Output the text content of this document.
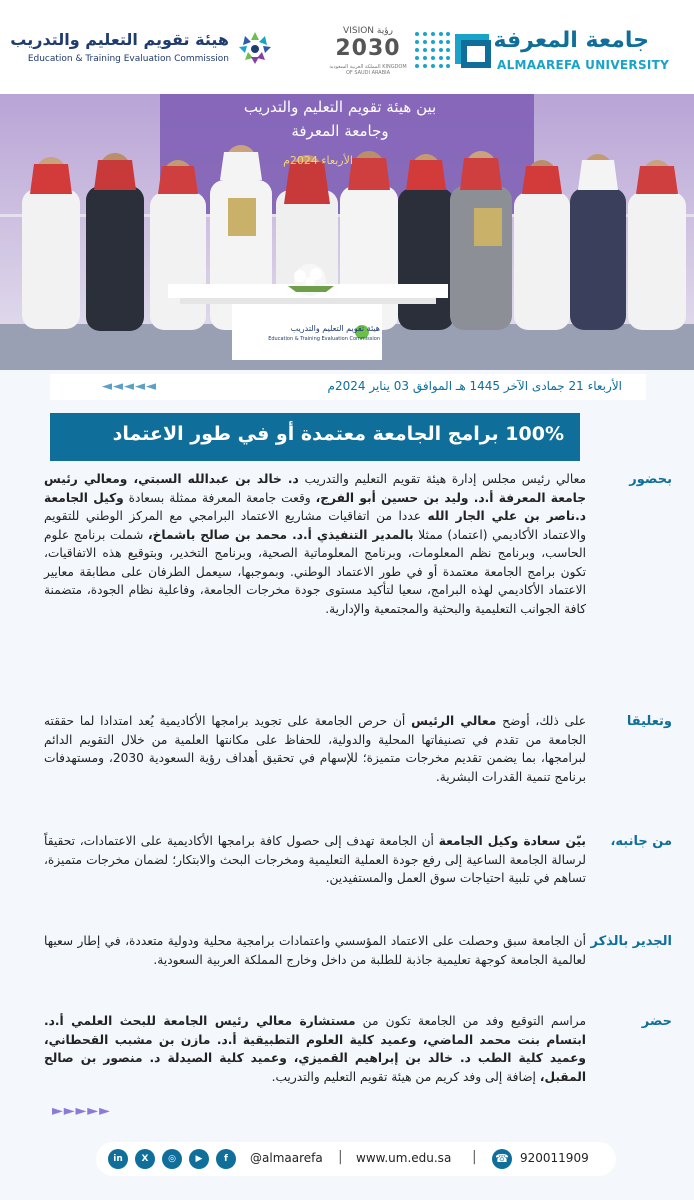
هيئة تقويم التعليم والتدريب
Education & Training Evaluation Commission
VISION رؤية
2030
المملكة العربية السعودية KINGDOM OF SAUDI ARABIA
جامعة المعرفة
ALMAAREFA UNIVERSITY
بين هيئة تقويم التعليم والتدريب
وجامعة المعرفة
الأربعاء 2024م
هيئة تقويم التعليم والتدريب
Education & Training Evaluation Commission
◄◄◄◄◄	الأربعاء 21 جمادى الآخر 1445 هـ الموافق 03 يناير 2024م
100% برامج الجامعة معتمدة أو في طور الاعتماد
بحضور
معالي رئيس مجلس إدارة هيئة تقويم التعليم والتدريب د. خالد بن عبدالله السبتي، ومعالي رئيس جامعة المعرفة أ.د. وليد بن حسين أبو الفرج، وقعت جامعة المعرفة ممثلة بسعادة وكيل الجامعة د.ناصر بن علي الجار الله عددا من اتفاقيات مشاريع الاعتماد البرامجي مع المركز الوطني للتقويم والاعتماد الأكاديمي (اعتماد) ممثلا بالمدير التنفيذي أ.د. محمد بن صالح باشماخ، شملت برنامج علوم الحاسب، وبرنامج نظم المعلومات، وبرنامج المعلوماتية الصحية، وبرنامج التخدير، وبتوقيع هذه الاتفاقيات، تكون برامج الجامعة معتمدة أو في طور الاعتماد الوطني. وبموجبها، سيعمل الطرفان على مطابقة معايير الاعتماد الأكاديمي لهذه البرامج، سعيا لتأكيد مستوى جودة مخرجات الجامعة، وفاعلية نظام الجودة، متضمنة كافة الجوانب التعليمية والبحثية والمجتمعية والإدارية.
وتعليقا
على ذلك، أوضح معالي الرئيس أن حرص الجامعة على تجويد برامجها الأكاديمية يُعد امتدادا لما حققته الجامعة من تقدم في تصنيفاتها المحلية والدولية، للحفاظ على مكانتها العلمية من خلال التقويم الدائم لبرامجها، بما يضمن تقديم مخرجات متميزة؛ للإسهام في تحقيق أهداف رؤية السعودية 2030، ومستهدفات برنامج تنمية القدرات البشرية.
من جانبه،
بيّن سعادة وكيل الجامعة أن الجامعة تهدف إلى حصول كافة برامجها الأكاديمية على الاعتمادات، تحقيقاً لرسالة الجامعة الساعية إلى رفع جودة العملية التعليمية ومخرجات البحث والابتكار؛ لضمان مخرجات متميزة، تساهم في تلبية احتياجات سوق العمل والمستفيدين.
الجدير بالذكر
أن الجامعة سبق وحصلت على الاعتماد المؤسسي واعتمادات برامجية محلية ودولية متعددة، في إطار سعيها لعالمية الجامعة كوجهة تعليمية جاذبة للطلبة من داخل وخارج المملكة العربية السعودية.
حضر
مراسم التوقيع وفد من الجامعة تكون من مستشارة معالي رئيس الجامعة للبحث العلمي أ.د. ابتسام بنت محمد الماضي، وعميد كلية العلوم التطبيقية أ.د. مازن بن مشبب القحطاني، وعميد كلية الطب د. خالد بن إبراهيم القميزي، وعميد كلية الصيدلة د. منصور بن صالح المقبل، إضافة إلى وفد كريم من هيئة تقويم التعليم والتدريب.
►►►►►
in	X	◎	▶	f	@almaarefa | www.um.edu.sa | ☎ 920011909
